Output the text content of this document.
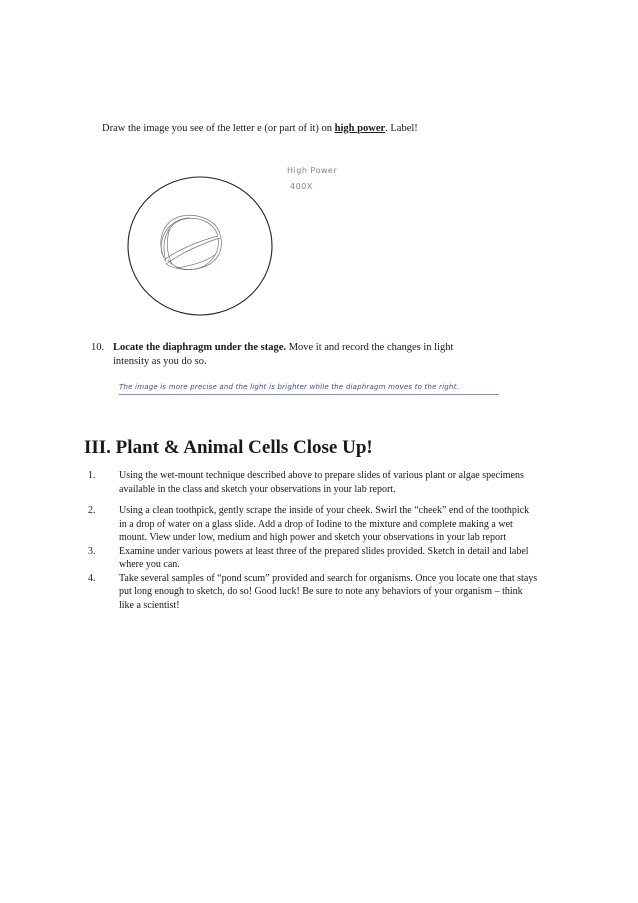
Draw the image you see of the letter e (or part of it) on high power. Label!
High Power
400X
10. Locate the diaphragm under the stage. Move it and record the changes in light
intensity as you do so.
The image is more precise and the light is brighter while the diaphragm moves to the right.
III. Plant & Animal Cells Close Up!
1. Using the wet-mount technique described above to prepare slides of various plant or algae specimens available in the class and sketch your observations in your lab report.
2. Using a clean toothpick, gently scrape the inside of your cheek. Swirl the “cheek” end of the toothpick in a drop of water on a glass slide. Add a drop of Iodine to the mixture and complete making a wet mount. View under low, medium and high power and sketch your observations in your lab report
3. Examine under various powers at least three of the prepared slides provided. Sketch in detail and label where you can.
4. Take several samples of “pond scum” provided and search for organisms. Once you locate one that stays put long enough to sketch, do so! Good luck! Be sure to note any behaviors of your organism – think like a scientist!
